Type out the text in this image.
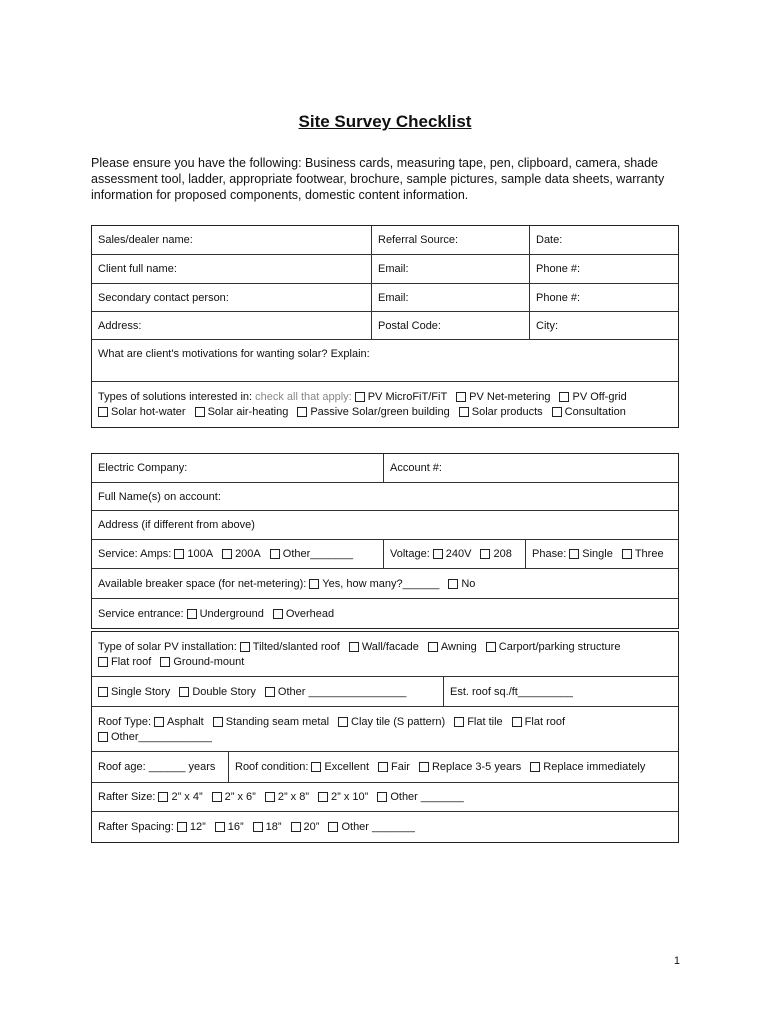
Site Survey Checklist
Please ensure you have the following: Business cards, measuring tape, pen, clipboard, camera, shade assessment tool, ladder, appropriate footwear, brochure, sample pictures, sample data sheets, warranty information for proposed components, domestic content information.
Sales/dealer name:	Referral Source:	Date:
Client full name:	Email:	Phone #:
Secondary contact person:	Email:	Phone #:
Address:	Postal Code:	City:
What are client's motivations for wanting solar? Explain:
Types of solutions interested in: check all that apply: PV MicroFiT/FiT PV Net-metering PV Off-grid
Solar hot-water Solar air-heating Passive Solar/green building Solar products Consultation
Electric Company:	Account #:
Full Name(s) on account:
Address (if different from above)
Service: Amps: 100A 200A Other_______	Voltage: 240V 208 Phase: Single Three
Available breaker space (for net-metering): Yes, how many?______ No
Service entrance: Underground Overhead
Type of solar PV installation: Tilted/slanted roof Wall/facade Awning Carport/parking structure
Flat roof Ground-mount
Single Story Double Story Other ________________	Est. roof sq./ft_________
Roof Type: Asphalt Standing seam metal Clay tile (S pattern) Flat tile Flat roof
Other____________
Roof age: ______ years Roof condition: Excellent Fair Replace 3-5 years Replace immediately
Rafter Size: 2” x 4” 2” x 6” 2” x 8” 2” x 10” Other _______
Rafter Spacing: 12” 16” 18” 20” Other _______
1
